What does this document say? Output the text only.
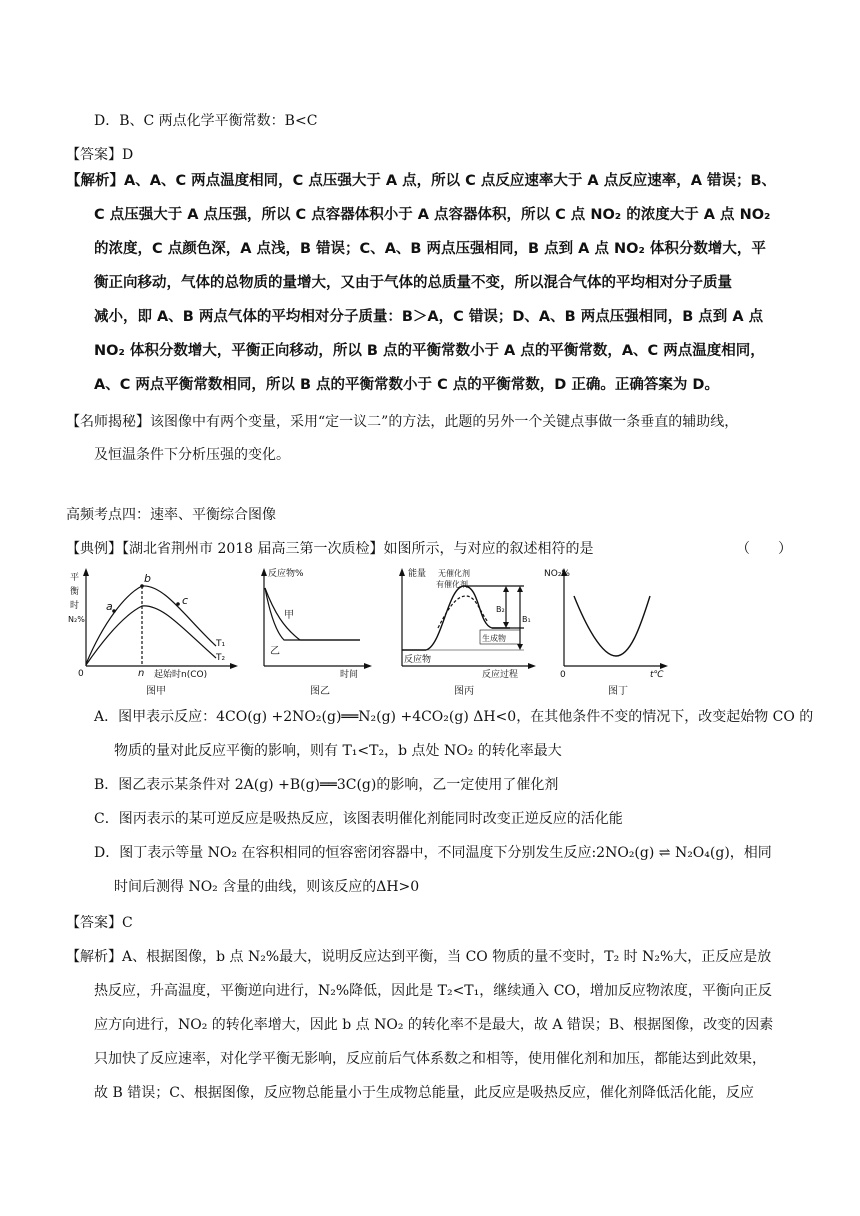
D．B、C 两点化学平衡常数：B<C
【答案】D
【解析】A、A、C 两点温度相同，C 点压强大于 A 点，所以 C 点反应速率大于 A 点反应速率，A 错误；B、
C 点压强大于 A 点压强，所以 C 点容器体积小于 A 点容器体积，所以 C 点 NO₂ 的浓度大于 A 点 NO₂
的浓度，C 点颜色深，A 点浅，B 错误；C、A、B 两点压强相同，B 点到 A 点 NO₂ 体积分数增大，平
衡正向移动，气体的总物质的量增大，又由于气体的总质量不变，所以混合气体的平均相对分子质量
减小，即 A、B 两点气体的平均相对分子质量：B＞A，C 错误；D、A、B 两点压强相同，B 点到 A 点
NO₂ 体积分数增大，平衡正向移动，所以 B 点的平衡常数小于 A 点的平衡常数，A、C 两点温度相同，
A、C 两点平衡常数相同，所以 B 点的平衡常数小于 C 点的平衡常数，D 正确。正确答案为 D。
【名师揭秘】该图像中有两个变量，采用“定一议二”的方法，此题的另外一个关键点事做一条垂直的辅助线，
及恒温条件下分析压强的变化。
高频考点四：速率、平衡综合图像
【典例】【湖北省荆州市 2018 届高三第一次质检】如图所示，与对应的叙述相符的是	（　　）
平
衡
时
N₂%
a
b
c
T₁
T₂
0	n 起始时n(CO)
图甲
反应物%
甲
乙
时间
图乙
能量 无催化剂
有催化剂
B₂
B₁
生成物
反应物
反应过程
图丙
NO₂%
0	t℃
图丁
A．图甲表示反应：4CO(g) +2NO₂(g)══N₂(g) +4CO₂(g) ΔH<0，在其他条件不变的情况下，改变起始物 CO 的
物质的量对此反应平衡的影响，则有 T₁<T₂，b 点处 NO₂ 的转化率最大
B．图乙表示某条件对 2A(g) +B(g)══3C(g)的影响，乙一定使用了催化剂
C．图丙表示的某可逆反应是吸热反应，该图表明催化剂能同时改变正逆反应的活化能
D．图丁表示等量 NO₂ 在容积相同的恒容密闭容器中，不同温度下分别发生反应:2NO₂(g) ⇌ N₂O₄(g)，相同
时间后测得 NO₂ 含量的曲线，则该反应的ΔH>0
【答案】C
【解析】A、根据图像，b 点 N₂%最大，说明反应达到平衡，当 CO 物质的量不变时，T₂ 时 N₂%大，正反应是放
热反应，升高温度，平衡逆向进行，N₂%降低，因此是 T₂<T₁，继续通入 CO，增加反应物浓度，平衡向正反
应方向进行，NO₂ 的转化率增大，因此 b 点 NO₂ 的转化率不是最大，故 A 错误；B、根据图像，改变的因素
只加快了反应速率，对化学平衡无影响，反应前后气体系数之和相等，使用催化剂和加压，都能达到此效果，
故 B 错误；C、根据图像，反应物总能量小于生成物总能量，此反应是吸热反应，催化剂降低活化能，反应
